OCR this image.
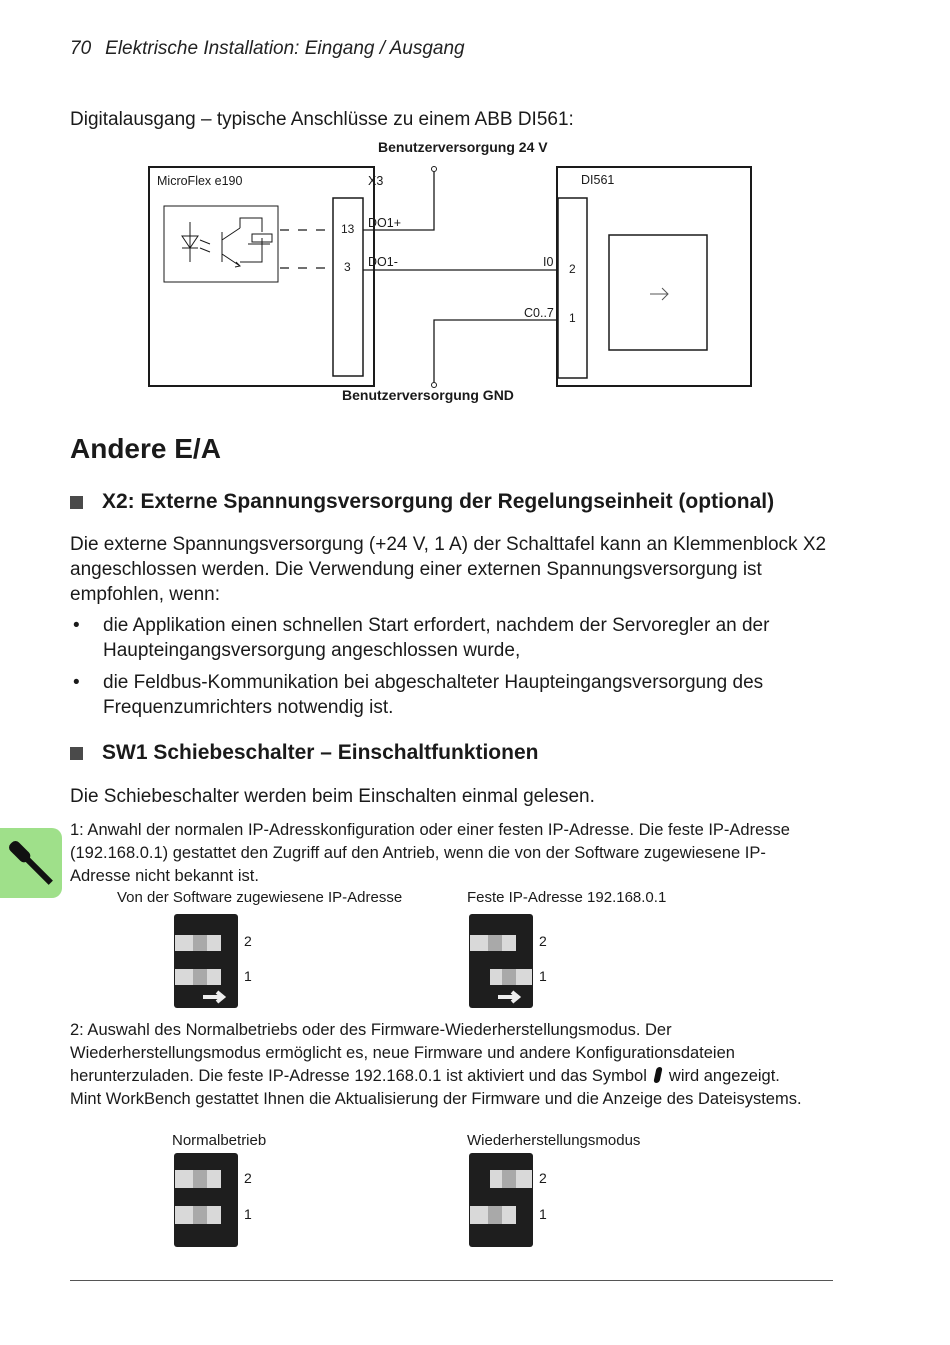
70 Elektrische Installation: Eingang / Ausgang
Digitalausgang – typische Anschlüsse zu einem ABB DI561:
Benutzerversorgung 24 V
Benutzerversorgung GND
MicroFlex e190	X3	DI561
13
3
DO1+
DO1-	I0
C0..7
2
1
Andere E/A
X2: Externe Spannungsversorgung der Regelungseinheit (optional)
Die externe Spannungsversorgung (+24 V, 1 A) der Schalttafel kann an Klemmenblock X2 angeschlossen werden. Die Verwendung einer externen Spannungsversorgung ist empfohlen, wenn:
• die Applikation einen schnellen Start erfordert, nachdem der Servoregler an der Haupteingangsversorgung angeschlossen wurde,
• die Feldbus-Kommunikation bei abgeschalteter Haupteingangsversorgung des Frequenzumrichters notwendig ist.
SW1 Schiebeschalter – Einschaltfunktionen
Die Schiebeschalter werden beim Einschalten einmal gelesen.
1: Anwahl der normalen IP-Adresskonfiguration oder einer festen IP-Adresse. Die feste IP-Adresse (192.168.0.1) gestattet den Zugriff auf den Antrieb, wenn die von der Software zugewiesene IP-Adresse nicht bekannt ist.
Von der Software zugewiesene IP-Adresse	Feste IP-Adresse 192.168.0.1
2
1
2
1
2: Auswahl des Normalbetriebs oder des Firmware-Wiederherstellungsmodus. Der Wiederherstellungsmodus ermöglicht es, neue Firmware und andere Konfigurationsdateien herunterzuladen. Die feste IP-Adresse 192.168.0.1 ist aktiviert und das Symbol wird angezeigt. Mint WorkBench gestattet Ihnen die Aktualisierung der Firmware und die Anzeige des Dateisystems.
Normalbetrieb	Wiederherstellungsmodus
2
1
2
1
